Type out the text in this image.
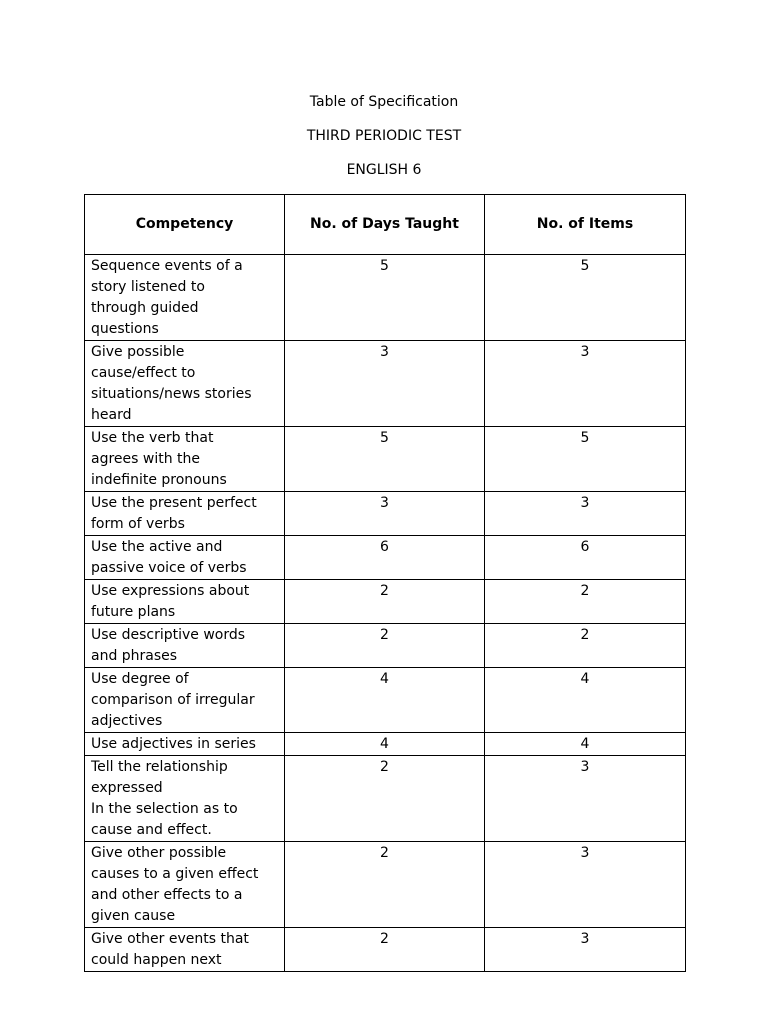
Table of Specification
THIRD PERIODIC TEST
ENGLISH 6
Competency	No. of Days Taught	No. of Items

Sequence events of a
story listened to
through guided
questions	5	5

Give possible
cause/effect to
situations/news stories
heard	3	3

Use the verb that
agrees with the
indefinite pronouns	5	5

Use the present perfect
form of verbs	3	3

Use the active and
passive voice of verbs	6	6

Use expressions about
future plans	2	2

Use descriptive words
and phrases	2	2

Use degree of
comparison of irregular
adjectives	4	4

Use adjectives in series	4	4

Tell the relationship
expressed
In the selection as to
cause and effect.	2	3

Give other possible
causes to a given effect
and other effects to a
given cause	2	3

Give other events that
could happen next	2	3
